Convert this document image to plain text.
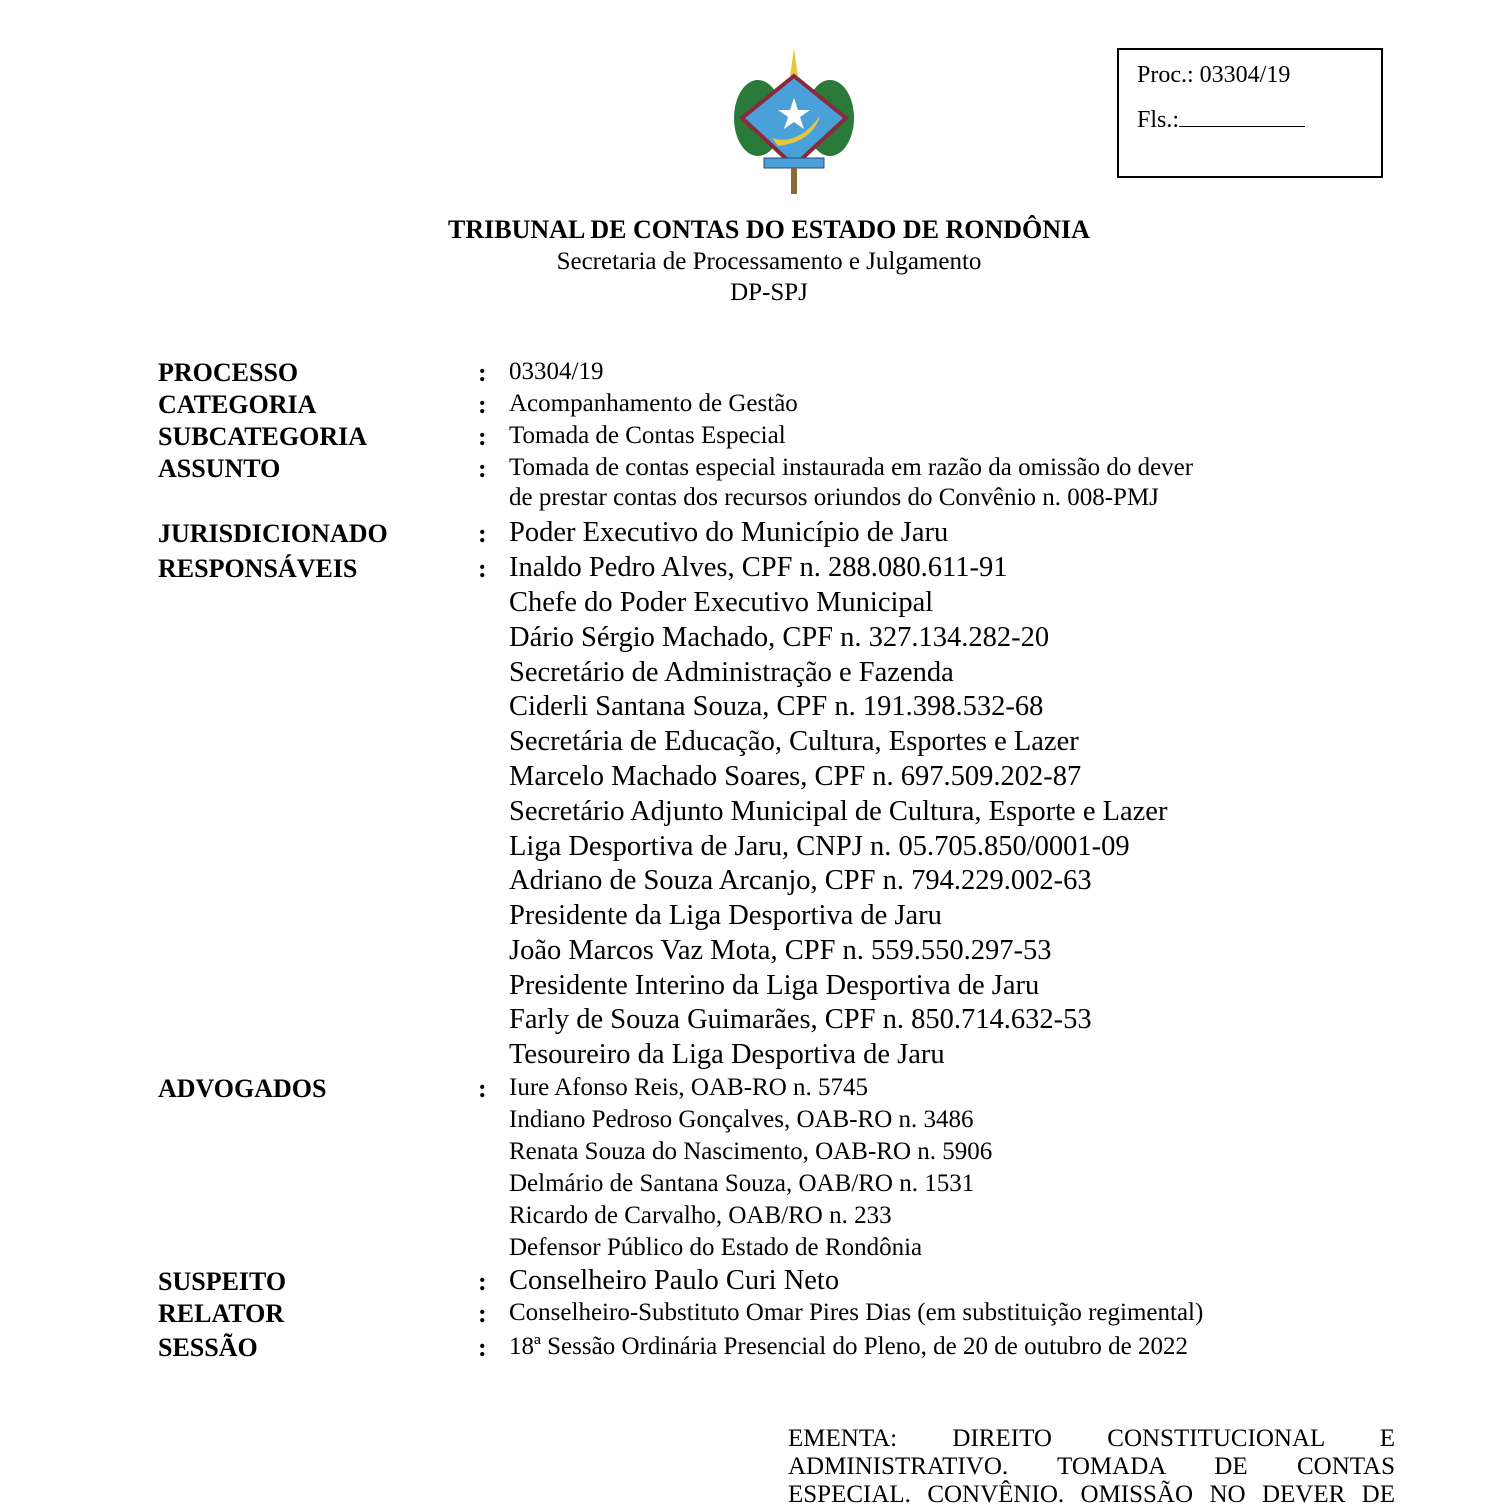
Proc.: 03304/19
Fls.:
TRIBUNAL DE CONTAS DO ESTADO DE RONDÔNIA
Secretaria de Processamento e Julgamento
DP-SPJ
PROCESSO	: 03304/19
CATEGORIA	: Acompanhamento de Gestão
SUBCATEGORIA	: Tomada de Contas Especial
ASSUNTO	: Tomada de contas especial instaurada em razão da omissão do dever
de prestar contas dos recursos oriundos do Convênio n. 008-PMJ
JURISDICIONADO	: Poder Executivo do Município de Jaru
RESPONSÁVEIS	: Inaldo Pedro Alves, CPF n. 288.080.611-91
Chefe do Poder Executivo Municipal
Dário Sérgio Machado, CPF n. 327.134.282-20
Secretário de Administração e Fazenda
Ciderli Santana Souza, CPF n. 191.398.532-68
Secretária de Educação, Cultura, Esportes e Lazer
Marcelo Machado Soares, CPF n. 697.509.202-87
Secretário Adjunto Municipal de Cultura, Esporte e Lazer
Liga Desportiva de Jaru, CNPJ n. 05.705.850/0001-09
Adriano de Souza Arcanjo, CPF n. 794.229.002-63
Presidente da Liga Desportiva de Jaru
João Marcos Vaz Mota, CPF n. 559.550.297-53
Presidente Interino da Liga Desportiva de Jaru
Farly de Souza Guimarães, CPF n. 850.714.632-53
Tesoureiro da Liga Desportiva de Jaru
ADVOGADOS	: Iure Afonso Reis, OAB-RO n. 5745
Indiano Pedroso Gonçalves, OAB-RO n. 3486
Renata Souza do Nascimento, OAB-RO n. 5906
Delmário de Santana Souza, OAB/RO n. 1531
Ricardo de Carvalho, OAB/RO n. 233
Defensor Público do Estado de Rondônia
SUSPEITO	: Conselheiro Paulo Curi Neto
RELATOR	: Conselheiro-Substituto Omar Pires Dias (em substituição regimental)
SESSÃO	: 18ª Sessão Ordinária Presencial do Pleno, de 20 de outubro de 2022
EMENTA: DIREITO CONSTITUCIONAL E
ADMINISTRATIVO. TOMADA DE CONTAS
ESPECIAL. CONVÊNIO. OMISSÃO NO DEVER DE
